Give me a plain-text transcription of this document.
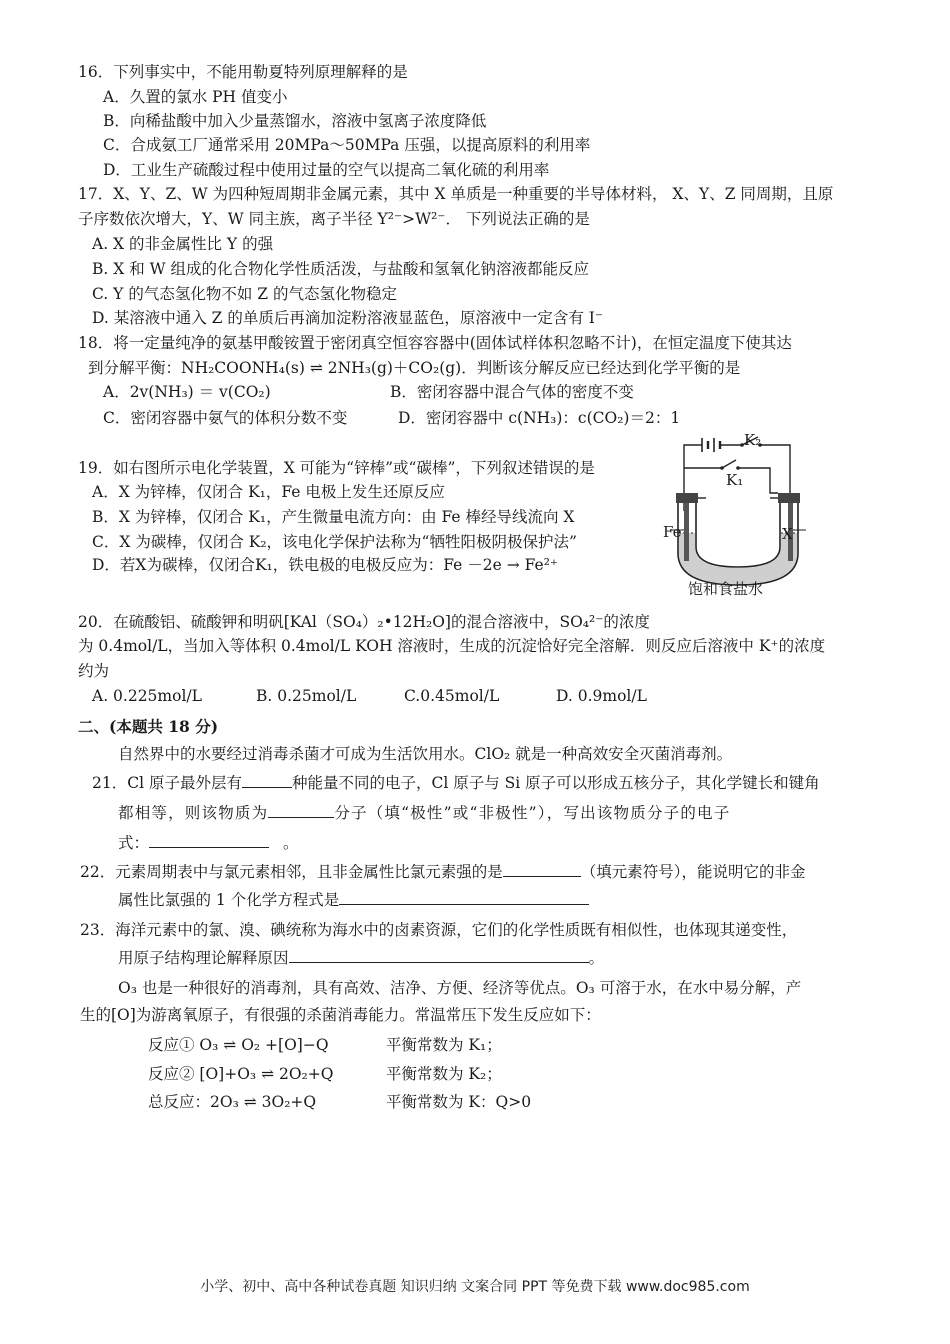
16．下列事实中，不能用勒夏特列原理解释的是
A．久置的氯水 PH 值变小
B．向稀盐酸中加入少量蒸馏水，溶液中氢离子浓度降低
C．合成氨工厂通常采用 20MPa～50MPa 压强，以提高原料的利用率
D．工业生产硫酸过程中使用过量的空气以提高二氧化硫的利用率
17．X、Y、Z、W 为四种短周期非金属元素，其中 X 单质是一种重要的半导体材料， X、Y、Z 同周期，且原
子序数依次增大，Y、W 同主族，离子半径 Y²⁻>W²⁻． 下列说法正确的是
A. X 的非金属性比 Y 的强
B. X 和 W 组成的化合物化学性质活泼，与盐酸和氢氧化钠溶液都能反应
C. Y 的气态氢化物不如 Z 的气态氢化物稳定
D. 某溶液中通入 Z 的单质后再滴加淀粉溶液显蓝色，原溶液中一定含有 I⁻
18．将一定量纯净的氨基甲酸铵置于密闭真空恒容容器中(固体试样体积忽略不计)，在恒定温度下使其达
到分解平衡：NH₂COONH₄(s) ⇌ 2NH₃(g)＋CO₂(g)．判断该分解反应已经达到化学平衡的是
A．2v(NH₃) ＝ v(CO₂)	B．密闭容器中混合气体的密度不变
C．密闭容器中氨气的体积分数不变	D．密闭容器中 c(NH₃)：c(CO₂)＝2：1
19．如右图所示电化学装置，X 可能为“锌棒”或“碳棒”，下列叙述错误的是
A．X 为锌棒，仅闭合 K₁，Fe 电极上发生还原反应
B．X 为锌棒，仅闭合 K₁，产生微量电流方向：由 Fe 棒经导线流向 X
C．X 为碳棒，仅闭合 K₂，该电化学保护法称为“牺牲阳极阴极保护法”
D．若X为碳棒，仅闭合K₁，铁电极的电极反应为：Fe －2e → Fe²⁺
K₂
K₁
Fe	X
饱和食盐水
20．在硫酸铝、硫酸钾和明矾[KAl（SO₄）₂•12H₂O]的混合溶液中，SO₄²⁻的浓度
为 0.4mol/L，当加入等体积 0.4mol/L KOH 溶液时，生成的沉淀恰好完全溶解．则反应后溶液中 K⁺的浓度
约为
A. 0.225mol/L	B. 0.25mol/L	C.0.45mol/L	D. 0.9mol/L
二、(本题共 18 分)
自然界中的水要经过消毒杀菌才可成为生活饮用水。ClO₂ 就是一种高效安全灭菌消毒剂。
21．Cl 原子最外层有	种能量不同的电子，Cl 原子与 Si 原子可以形成五核分子，其化学键长和键角
都相等，则该物质为	分子（填“极性”或“非极性”），写出该物质分子的电子
式：	。
22．元素周期表中与氯元素相邻，且非金属性比氯元素强的是	（填元素符号），能说明它的非金
属性比氯强的 1 个化学方程式是
23．海洋元素中的氯、溴、碘统称为海水中的卤素资源，它们的化学性质既有相似性，也体现其递变性，
用原子结构理论解释原因	。
O₃ 也是一种很好的消毒剂，具有高效、洁净、方便、经济等优点。O₃ 可溶于水，在水中易分解，产
生的[O]为游离氧原子，有很强的杀菌消毒能力。常温常压下发生反应如下：
反应① O₃ ⇌ O₂ +[O]−Q	平衡常数为 K₁；
反应② [O]+O₃ ⇌ 2O₂+Q	平衡常数为 K₂；
总反应：2O₃ ⇌ 3O₂+Q	平衡常数为 K：Q>0
小学、初中、高中各种试卷真题 知识归纳 文案合同 PPT 等免费下载 www.doc985.com
